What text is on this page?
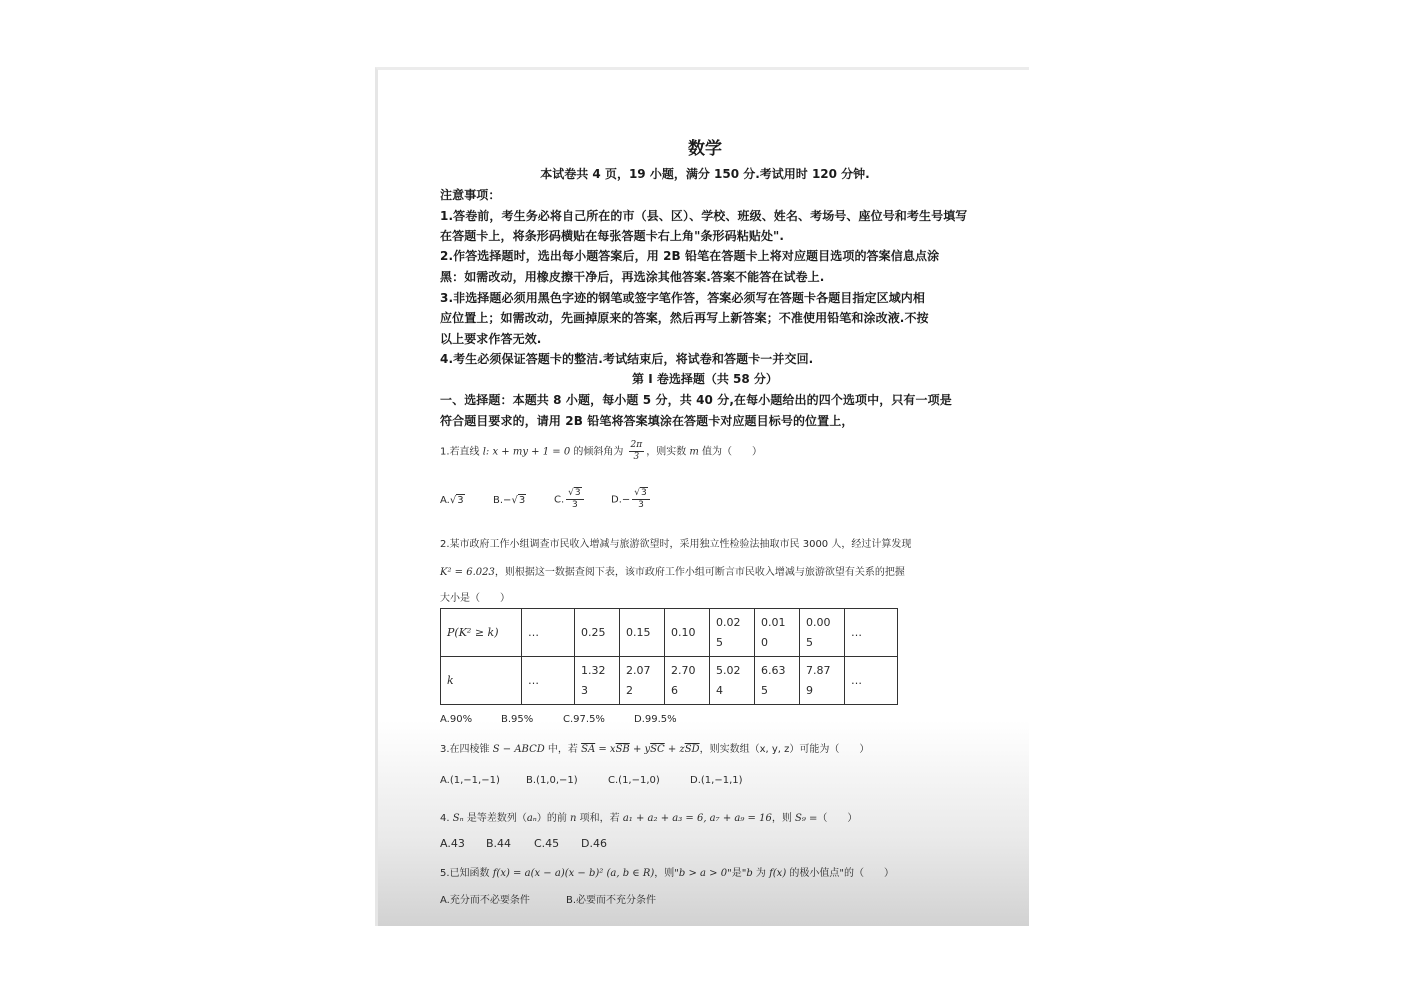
数学
本试卷共 4 页，19 小题，满分 150 分.考试用时 120 分钟.
注意事项：
1.答卷前，考生务必将自己所在的市（县、区）、学校、班级、姓名、考场号、座位号和考生号填写
在答题卡上，将条形码横贴在每张答题卡右上角"条形码粘贴处".
2.作答选择题时，选出每小题答案后，用 2B 铅笔在答题卡上将对应题目选项的答案信息点涂
黑：如需改动，用橡皮擦干净后，再选涂其他答案.答案不能答在试卷上.
3.非选择题必须用黑色字迹的钢笔或签字笔作答，答案必须写在答题卡各题目指定区域内相
应位置上；如需改动，先画掉原来的答案，然后再写上新答案；不准使用铅笔和涂改液.不按
以上要求作答无效.
4.考生必须保证答题卡的整洁.考试结束后，将试卷和答题卡一并交回.
第 I 卷选择题（共 58 分）
一、选择题：本题共 8 小题，每小题 5 分，共 40 分,在每小题给出的四个选项中，只有一项是
符合题目要求的，请用 2B 铅笔将答案填涂在答题卡对应题目标号的位置上，
1.若直线 l: x + my + 1 = 0 的倾斜角为 $\frac{2\pi}{3}$ ，则实数 m 值为（　　）
A.√3	B.−√3	C. $\frac{√3}{3}$	$D.- \frac{√3}{3}$
2.某市政府工作小组调查市民收入增减与旅游欲望时，采用独立性检验法抽取市民 3000 人，经过计算发现
K² = 6.023，则根据这一数据查阅下表，该市政府工作小组可断言市民收入增减与旅游欲望有关系的把握
大小是（　　）
P(K² ≥ k)	…	0.25	0.15	0.10	0.02 5	0.01 0	0.00 5	…
k	…	1.32 3	2.07 2	2.70 6	5.02 4	6.63 5	7.87 9	…
A.90%	B.95%	C.97.5%	D.99.5%
3.在四棱锥 S − ABCD 中，若 $\overline{SA} = x\overline{SB} + y\overline{SC} + z\overline{SD}$，则实数组（x, y, z）可能为（　　）
A.(1,−1,−1)	B.(1,0,−1)	C.(1,−1,0)	D.(1,−1,1)
4. Sₙ 是等差数列（aₙ）的前 n 项和，若 a₁ + a₂ + a₃ = 6, a₇ + a₉ = 16，则 S₉ =（　　）
A.43 B.44 C.45 D.46
5.已知函数 f(x) = a(x − a)(x − b)² (a, b ∈ R)，则"b > a > 0"是"b 为 f(x) 的极小值点"的（　　）
A.充分而不必要条件	B.必要而不充分条件
